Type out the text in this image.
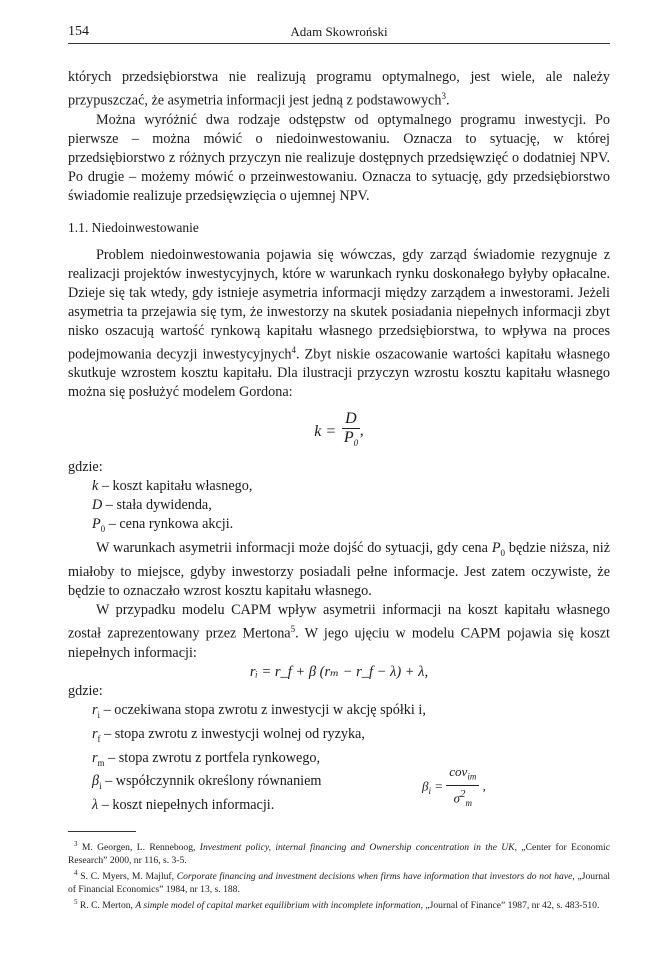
154	Adam Skowroński

których przedsiębiorstwa nie realizują programu optymalnego, jest wiele, ale należy przypuszczać, że asymetria informacji jest jedną z podstawowych$^3$.

Można wyróżnić dwa rodzaje odstępstw od optymalnego programu inwestycji. Po pierwsze – można mówić o niedoinwestowaniu. Oznacza to sytuację, w której przedsiębiorstwo z różnych przyczyn nie realizuje dostępnych przedsięwzięć o dodatniej NPV. Po drugie – możemy mówić o przeinwestowaniu. Oznacza to sytuację, gdy przedsiębiorstwo świadomie realizuje przedsięwzięcia o ujemnej NPV.

1.1. Niedoinwestowanie

Problem niedoinwestowania pojawia się wówczas, gdy zarząd świadomie rezygnuje z realizacji projektów inwestycyjnych, które w warunkach rynku doskonałego byłyby opłacalne. Dzieje się tak wtedy, gdy istnieje asymetria informacji między zarządem a inwestorami. Jeżeli asymetria ta przejawia się tym, że inwestorzy na skutek posiadania niepełnych informacji zbyt nisko oszacują wartość rynkową kapitału własnego przedsiębiorstwa, to wpływa na proces podejmowania decyzji inwestycyjnych$^4$. Zbyt niskie oszacowanie wartości kapitału własnego skutkuje wzrostem kosztu kapitału. Dla ilustracji przyczyn wzrostu kosztu kapitału własnego można się posłużyć modelem Gordona:

$k = \frac{D}{P_0}$ ,

gdzie:

k – koszt kapitału własnego,

D – stała dywidenda,

$P_0$ – cena rynkowa akcji.

W warunkach asymetrii informacji może dojść do sytuacji, gdy cena $P_0$ będzie niższa, niż miałoby to miejsce, gdyby inwestorzy posiadali pełne informacje. Jest zatem oczywiste, że będzie to oznaczało wzrost kosztu kapitału własnego.

W przypadku modelu CAPM wpływ asymetrii informacji na koszt kapitału własnego został zaprezentowany przez Mertona$^5$. W jego ujęciu w modelu CAPM pojawia się koszt niepełnych informacji:

rᵢ = r_f + β (rₘ − r_f − λ) + λ,

gdzie:

$r_i$ – oczekiwana stopa zwrotu z inwestycji w akcję spółki i,

$r_f$ – stopa zwrotu z inwestycji wolnej od ryzyka,

$r_m$ – stopa zwrotu z portfela rynkowego,

$\beta_i$ – współczynnik określony równaniem	$\beta_i = \frac{cov_{im}}{\sigma^2_m}$ ,

λ – koszt niepełnych informacji.

$^3$ M. Georgen, L. Renneboog, Investment policy, internal financing and Ownership concentration in the UK, „Center for Economic Research” 2000, nr 116, s. 3-5.

$^4$ S. C. Myers, M. Majluf, Corporate financing and investment decisions when firms have information that investors do not have, „Journal of Financial Economics” 1984, nr 13, s. 188.

$^5$ R. C. Merton, A simple model of capital market equilibrium with incomplete information, „Journal of Finance” 1987, nr 42, s. 483-510.
